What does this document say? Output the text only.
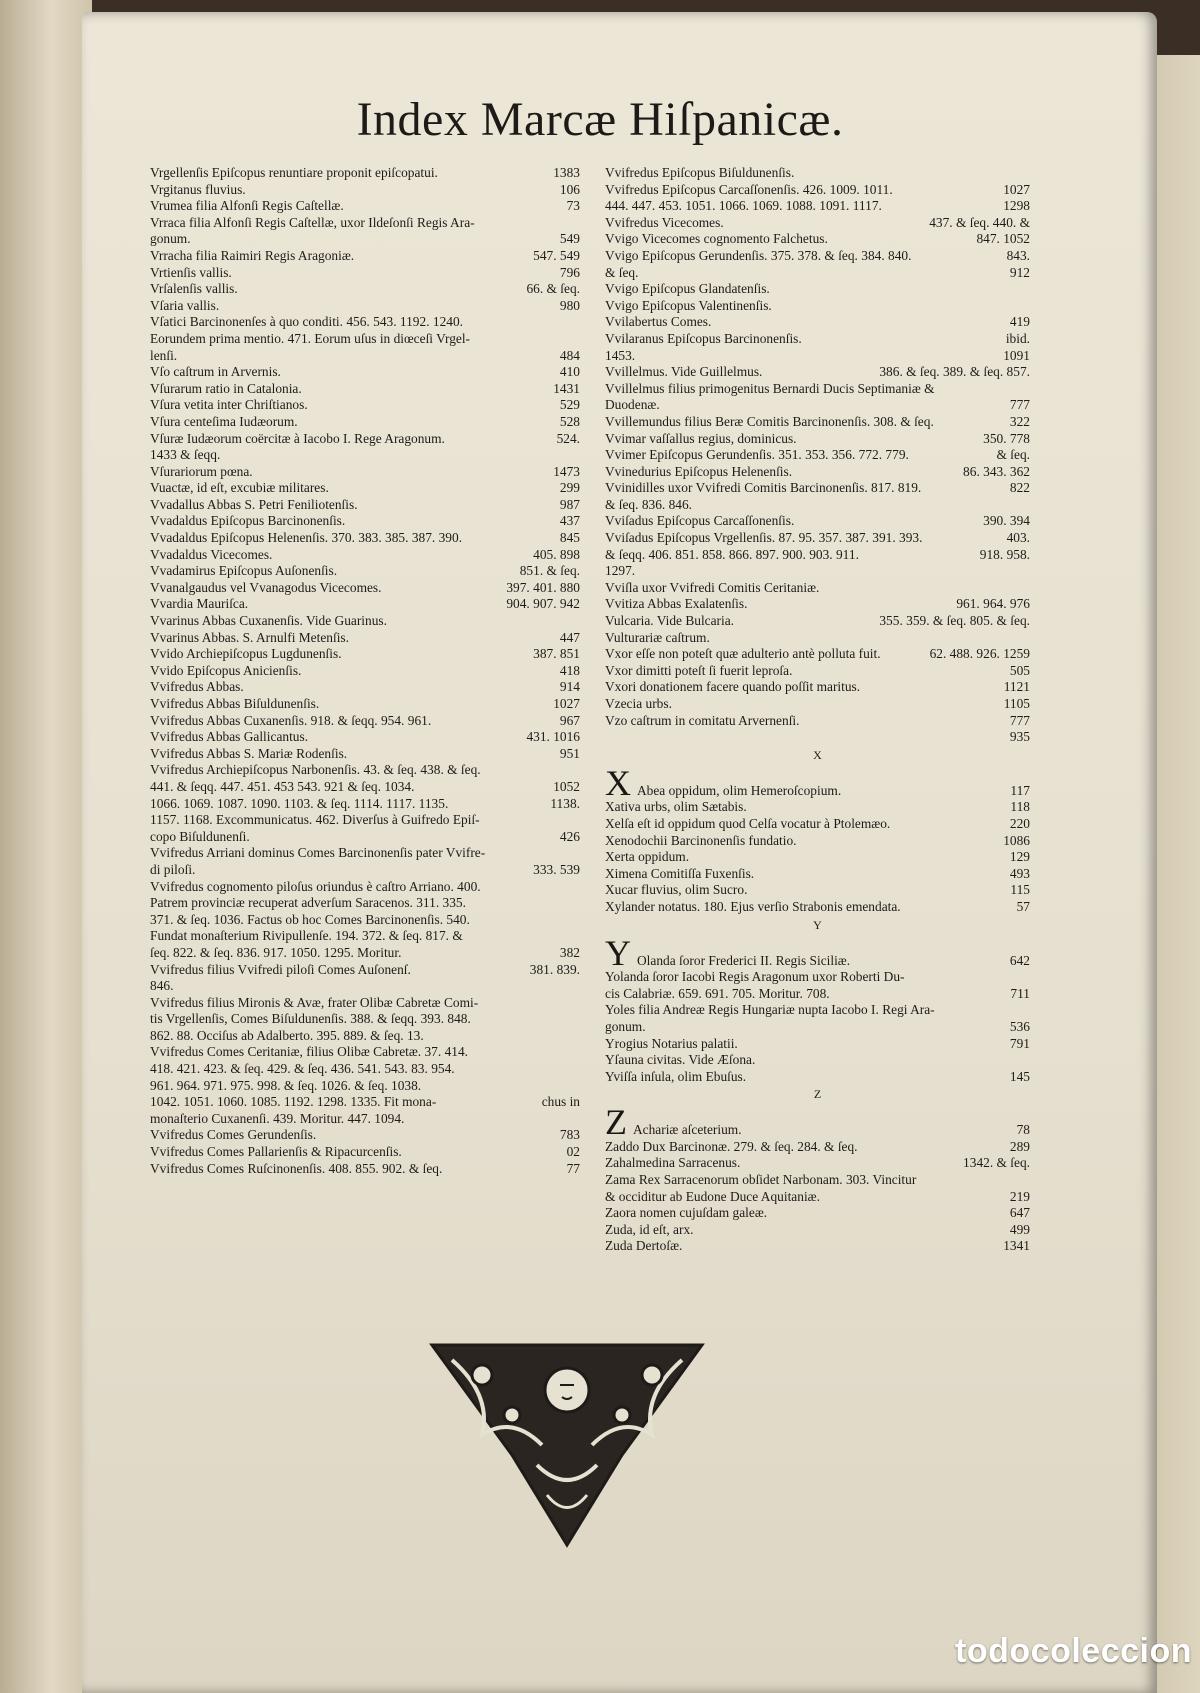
Index Marcæ Hiſpanicæ.
Vrgellenſis Epiſcopus renuntiare proponit epiſcopatui.	1383
Vrgitanus fluvius.	106
Vrumea filia Alfonſi Regis Caſtellæ.	73
Vrraca filia Alfonſi Regis Caſtellæ, uxor Ildeſonſi Regis Ara-
gonum.	549
Vrracha filia Raimiri Regis Aragoniæ.	547. 549
Vrtienſis vallis.	796
Vrſalenſis vallis.	66. & ſeq.
Vſaria vallis.	980
Vſatici Barcinonenſes à quo conditi. 456. 543. 1192. 1240.
Eorundem prima mentio. 471. Eorum uſus in diœceſi Vrgel-
lenſi.	484
Vſo caſtrum in Arvernis.	410
Vſurarum ratio in Catalonia.	1431
Vſura vetita inter Chriſtianos.	529
Vſura centeſima Iudæorum.	528
Vſuræ Iudæorum coërcitæ à Iacobo I. Rege Aragonum.	524.
1433 & ſeqq.
Vſurariorum pœna.	1473
Vuactæ, id eſt, excubiæ militares.	299
Vvadallus Abbas S. Petri Feniliotenſis.	987
Vvadaldus Epiſcopus Barcinonenſis.	437
Vvadaldus Epiſcopus Helenenſis. 370. 383. 385. 387. 390.	845
Vvadaldus Vicecomes.	405. 898
Vvadamirus Epiſcopus Auſonenſis.	851. & ſeq.
Vvanalgaudus vel Vvanagodus Vicecomes.	397. 401. 880
Vvardia Mauriſca.	904. 907. 942
Vvarinus Abbas Cuxanenſis. Vide Guarinus.
Vvarinus Abbas. S. Arnulfi Metenſis.	447
Vvido Archiepiſcopus Lugdunenſis.	387. 851
Vvido Epiſcopus Anicienſis.	418
Vvifredus Abbas.	914
Vvifredus Abbas Biſuldunenſis.	1027
Vvifredus Abbas Cuxanenſis. 918. & ſeqq. 954. 961.	967
Vvifredus Abbas Gallicantus.	431. 1016
Vvifredus Abbas S. Mariæ Rodenſis.	951
Vvifredus Archiepiſcopus Narbonenſis. 43. & ſeq. 438. & ſeq.
441. & ſeqq. 447. 451. 453 543. 921 & ſeq. 1034.	1052
1066. 1069. 1087. 1090. 1103. & ſeq. 1114. 1117. 1135.	1138.
1157. 1168. Excommunicatus. 462. Diverſus à Guifredo Epiſ-
copo Biſuldunenſi.	426
Vvifredus Arriani dominus Comes Barcinonenſis pater Vvifre-
di piloſi.	333. 539
Vvifredus cognomento piloſus oriundus è caſtro Arriano. 400.
Patrem provinciæ recuperat adverſum Saracenos. 311. 335.
371. & ſeq. 1036. Factus ob hoc Comes Barcinonenſis. 540.
Fundat monaſterium Rivipullenſe. 194. 372. & ſeq. 817. &
ſeq. 822. & ſeq. 836. 917. 1050. 1295. Moritur.	382
Vvifredus filius Vvifredi piloſi Comes Auſonenſ.	381. 839.
846.
Vvifredus filius Mironis & Avæ, frater Olibæ Cabretæ Comi-
tis Vrgellenſis, Comes Biſuldunenſis. 388. & ſeqq. 393. 848.
862. 88. Occiſus ab Adalberto. 395. 889. & ſeq. 13.
Vvifredus Comes Ceritaniæ, filius Olibæ Cabretæ. 37. 414.
418. 421. 423. & ſeq. 429. & ſeq. 436. 541. 543. 83. 954.
961. 964. 971. 975. 998. & ſeq. 1026. & ſeq. 1038.
1042. 1051. 1060. 1085. 1192. 1298. 1335. Fit mona-	chus in
monaſterio Cuxanenſi. 439. Moritur. 447. 1094.
Vvifredus Comes Gerundenſis.	783
Vvifredus Comes Pallarienſis & Ripacurcenſis.	02
Vvifredus Comes Ruſcinonenſis. 408. 855. 902. & ſeq.	77
Vvifredus Epiſcopus Biſuldunenſis.
Vvifredus Epiſcopus Carcaſſonenſis. 426. 1009. 1011.	1027
444. 447. 453. 1051. 1066. 1069. 1088. 1091. 1117.	1298
Vvifredus Vicecomes.	437. & ſeq. 440. &
Vvigo Vicecomes cognomento Falchetus.	847. 1052
Vvigo Epiſcopus Gerundenſis. 375. 378. & ſeq. 384. 840.	843.
& ſeq.	912
Vvigo Epiſcopus Glandatenſis.
Vvigo Epiſcopus Valentinenſis.
Vvilabertus Comes.	419
Vvilaranus Epiſcopus Barcinonenſis.	ibid.
1453.	1091
Vvillelmus. Vide Guillelmus.	386. & ſeq. 389. & ſeq. 857.
Vvillelmus filius primogenitus Bernardi Ducis Septimaniæ &
Duodenæ.	777
Vvillemundus filius Beræ Comitis Barcinonenſis. 308. & ſeq.	322
Vvimar vaſſallus regius, dominicus.	350. 778
Vvimer Epiſcopus Gerundenſis. 351. 353. 356. 772. 779.	& ſeq.
Vvinedurius Epiſcopus Helenenſis.	86. 343. 362
Vvinidilles uxor Vvifredi Comitis Barcinonenſis. 817. 819.	822
& ſeq. 836. 846.
Vviſadus Epiſcopus Carcaſſonenſis.	390. 394
Vviſadus Epiſcopus Vrgellenſis. 87. 95. 357. 387. 391. 393.	403.
& ſeqq. 406. 851. 858. 866. 897. 900. 903. 911.	918. 958.
1297.
Vviſla uxor Vvifredi Comitis Ceritaniæ.
Vvitiza Abbas Exalatenſis.	961. 964. 976
Vulcaria. Vide Bulcaria.	355. 359. & ſeq. 805. & ſeq.
Vulturariæ caſtrum.
Vxor eſſe non poteſt quæ adulterio antè polluta fuit.	62. 488. 926. 1259
Vxor dimitti poteſt ſi fuerit leproſa.	505
Vxori donationem facere quando poſſit maritus.	1121
Vzecia urbs.	1105
Vzo caſtrum in comitatu Arvernenſi.	777
935
X
X Abea oppidum, olim Hemeroſcopium.	117
Xativa urbs, olim Sætabis.	118
Xelſa eſt id oppidum quod Celſa vocatur à Ptolemæo.	220
Xenodochii Barcinonenſis fundatio.	1086
Xerta oppidum.	129
Ximena Comitiſſa Fuxenſis.	493
Xucar fluvius, olim Sucro.	115
Xylander notatus. 180. Ejus verſio Strabonis emendata.	57
Y
Y Olanda ſoror Frederici II. Regis Siciliæ.	642
Yolanda ſoror Iacobi Regis Aragonum uxor Roberti Du-
cis Calabriæ. 659. 691. 705. Moritur. 708.	711
Yoles filia Andreæ Regis Hungariæ nupta Iacobo I. Regi Ara-
gonum.	536
Yrogius Notarius palatii.	791
Yſauna civitas. Vide Æſona.
Yviſſa inſula, olim Ebuſus.	145
Z
Z Achariæ aſceterium.	78
Zaddo Dux Barcinonæ. 279. & ſeq. 284. & ſeq.	289
Zahalmedina Sarracenus.	1342. & ſeq.
Zama Rex Sarracenorum obſidet Narbonam. 303. Vincitur
& occiditur ab Eudone Duce Aquitaniæ.	219
Zaora nomen cujuſdam galeæ.	647
Zuda, id eſt, arx.	499
Zuda Dertoſæ.	1341
todocoleccion
